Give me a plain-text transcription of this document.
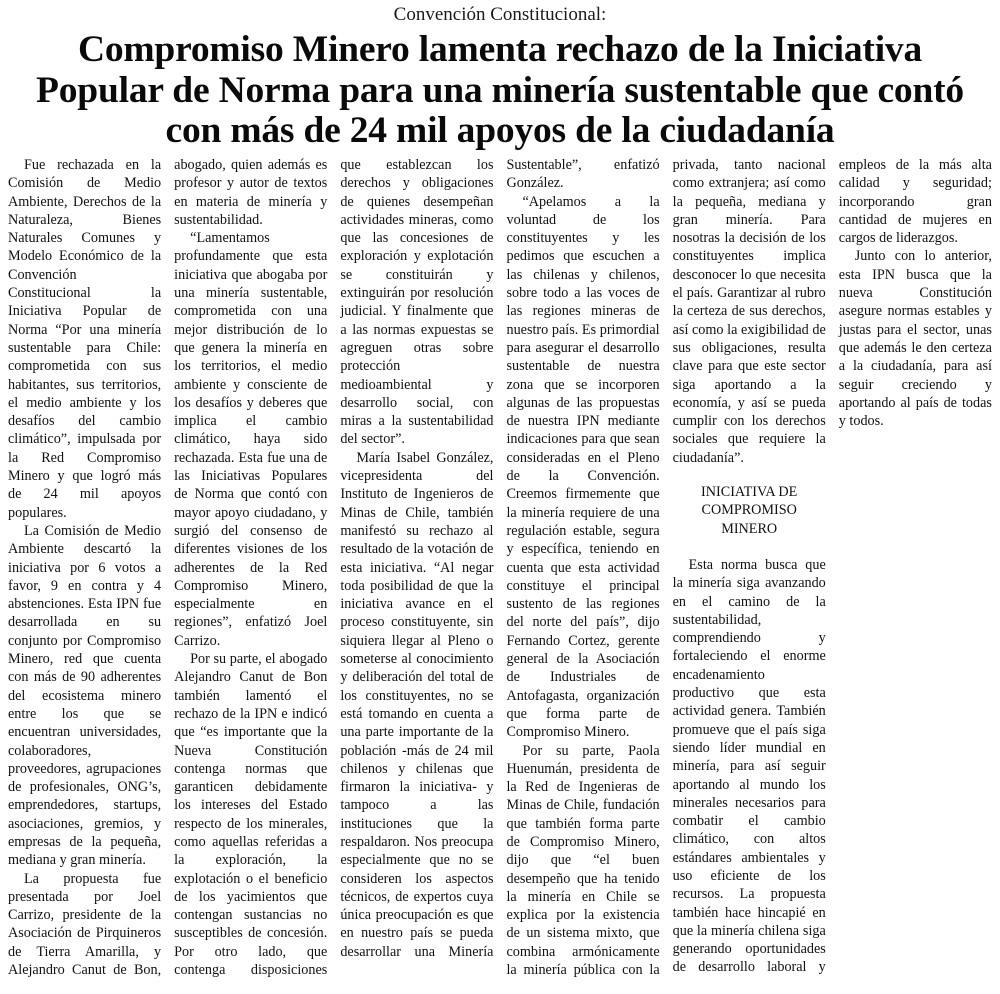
Convención Constitucional:
Compromiso Minero lamenta rechazo de la Iniciativa Popular de Norma para una minería sustentable que contó con más de 24 mil apoyos de la ciudadanía

Fue rechazada en la Comisión de Medio Ambiente, Derechos de la Naturaleza, Bienes Naturales Comunes y Modelo Económico de la Convención Constitucional la Iniciativa Popular de Norma “Por una minería sustentable para Chile: comprometida con sus habitantes, sus territorios, el medio ambiente y los desafíos del cambio climático”, impulsada por la Red Compromiso Minero y que logró más de 24 mil apoyos populares.

La Comisión de Medio Ambiente descartó la iniciativa por 6 votos a favor, 9 en contra y 4 abstenciones. Esta IPN fue desarrollada en su conjunto por Compromiso Minero, red que cuenta con más de 90 adherentes del ecosistema minero entre los que se encuentran universidades, colaboradores, proveedores, agrupaciones de profesionales, ONG’s, emprendedores, startups, asociaciones, gremios, y empresas de la pequeña, mediana y gran minería.

La propuesta fue presentada por Joel Carrizo, presidente de la Asociación de Pirquineros de Tierra Amarilla, y Alejandro Canut de Bon, abogado, quien además es profesor y autor de textos en materia de minería y sustentabilidad.

“Lamentamos profundamente que esta iniciativa que abogaba por una minería sustentable, comprometida con una mejor distribución de lo que genera la minería en los territorios, el medio ambiente y consciente de los desafíos y deberes que implica el cambio climático, haya sido rechazada. Esta fue una de las Iniciativas Populares de Norma que contó con mayor apoyo ciudadano, y surgió del consenso de diferentes visiones de los adherentes de la Red Compromiso Minero, especialmente en regiones”, enfatizó Joel Carrizo.

Por su parte, el abogado Alejandro Canut de Bon también lamentó el rechazo de la IPN e indicó que “es importante que la Nueva Constitución contenga normas que garanticen debidamente los intereses del Estado respecto de los minerales, como aquellas referidas a la exploración, la explotación o el beneficio de los yacimientos que contengan sustancias no susceptibles de concesión. Por otro lado, que contenga disposiciones que establezcan los derechos y obligaciones de quienes desempeñan actividades mineras, como que las concesiones de exploración y explotación se constituirán y extinguirán por resolución judicial. Y finalmente que a las normas expuestas se agreguen otras sobre protección medioambiental y desarrollo social, con miras a la sustentabilidad del sector”.

María Isabel González, vicepresidenta del Instituto de Ingenieros de Minas de Chile, también manifestó su rechazo al resultado de la votación de esta iniciativa. “Al negar toda posibilidad de que la iniciativa avance en el proceso constituyente, sin siquiera llegar al Pleno o someterse al conocimiento y deliberación del total de los constituyentes, no se está tomando en cuenta a una parte importante de la población -más de 24 mil chilenos y chilenas que firmaron la iniciativa- y tampoco a las instituciones que la respaldaron. Nos preocupa especialmente que no se consideren los aspectos técnicos, de expertos cuya única preocupación es que en nuestro país se pueda desarrollar una Minería Sustentable”, enfatizó González.

“Apelamos a la voluntad de los constituyentes y les pedimos que escuchen a las chilenas y chilenos, sobre todo a las voces de las regiones mineras de nuestro país. Es primordial para asegurar el desarrollo sustentable de nuestra zona que se incorporen algunas de las propuestas de nuestra IPN mediante indicaciones para que sean consideradas en el Pleno de la Convención. Creemos firmemente que la minería requiere de una regulación estable, segura y específica, teniendo en cuenta que esta actividad constituye el principal sustento de las regiones del norte del país”, dijo Fernando Cortez, gerente general de la Asociación de Industriales de Antofagasta, organización que forma parte de Compromiso Minero.

Por su parte, Paola Huenumán, presidenta de la Red de Ingenieras de Minas de Chile, fundación que también forma parte de Compromiso Minero, dijo que “el buen desempeño que ha tenido la minería en Chile se explica por la existencia de un sistema mixto, que combina armónicamente la minería pública con la privada, tanto nacional como extranjera; así como la pequeña, mediana y gran minería. Para nosotras la decisión de los constituyentes implica desconocer lo que necesita el país. Garantizar al rubro la certeza de sus derechos, así como la exigibilidad de sus obligaciones, resulta clave para que este sector siga aportando a la economía, y así se pueda cumplir con los derechos sociales que requiere la ciudadanía”.

INICIATIVA DE COMPROMISO MINERO

Esta norma busca que la minería siga avanzando en el camino de la sustentabilidad, comprendiendo y fortaleciendo el enorme encadenamiento productivo que esta actividad genera. También promueve que el país siga siendo líder mundial en minería, para así seguir aportando al mundo los minerales necesarios para combatir el cambio climático, con altos estándares ambientales y uso eficiente de los recursos. La propuesta también hace hincapié en que la minería chilena siga generando oportunidades de desarrollo laboral y empleos de la más alta calidad y seguridad; incorporando gran cantidad de mujeres en cargos de liderazgos.

Junto con lo anterior, esta IPN busca que la nueva Constitución asegure normas estables y justas para el sector, unas que además le den certeza a la ciudadanía, para así seguir creciendo y aportando al país de todas y todos.
